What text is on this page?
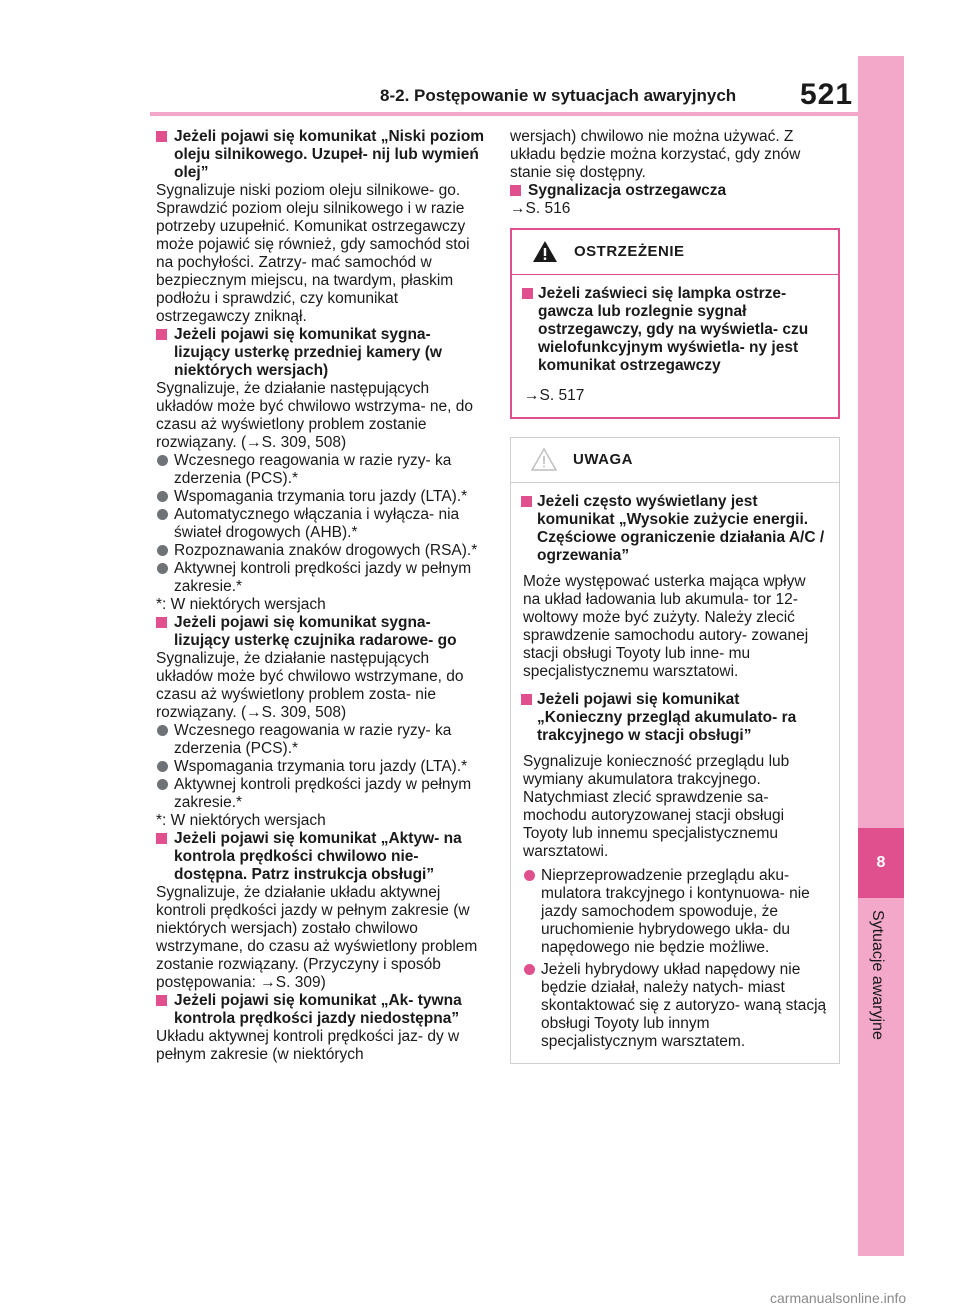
8-2. Postępowanie w sytuacjach awaryjnych 521
8
Sytuacje awaryjne
Jeżeli pojawi się komunikat „Niski poziom oleju silnikowego. Uzupeł- nij lub wymień olej”

Sygnalizuje niski poziom oleju silnikowe- go. Sprawdzić poziom oleju silnikowego i w razie potrzeby uzupełnić. Komunikat ostrzegawczy może pojawić się również, gdy samochód stoi na pochyłości. Zatrzy- mać samochód w bezpiecznym miejscu, na twardym, płaskim podłożu i sprawdzić, czy komunikat ostrzegawczy zniknął.

Jeżeli pojawi się komunikat sygna- lizujący usterkę przedniej kamery (w niektórych wersjach)

Sygnalizuje, że działanie następujących układów może być chwilowo wstrzyma- ne, do czasu aż wyświetlony problem zostanie rozwiązany. (→S. 309, 508)

Wczesnego reagowania w razie ryzy- ka zderzenia (PCS).*
Wspomagania trzymania toru jazdy (LTA).*
Automatycznego włączania i wyłącza- nia świateł drogowych (AHB).*
Rozpoznawania znaków drogowych (RSA).*
Aktywnej kontroli prędkości jazdy w pełnym zakresie.*
*: W niektórych wersjach
Jeżeli pojawi się komunikat sygna- lizujący usterkę czujnika radarowe- go

Sygnalizuje, że działanie następujących układów może być chwilowo wstrzymane, do czasu aż wyświetlony problem zosta- nie rozwiązany. (→S. 309, 508)

Wczesnego reagowania w razie ryzy- ka zderzenia (PCS).*
Wspomagania trzymania toru jazdy (LTA).*
Aktywnej kontroli prędkości jazdy w pełnym zakresie.*
*: W niektórych wersjach
Jeżeli pojawi się komunikat „Aktyw- na kontrola prędkości chwilowo nie- dostępna. Patrz instrukcja obsługi”

Sygnalizuje, że działanie układu aktywnej kontroli prędkości jazdy w pełnym zakresie (w niektórych wersjach) zostało chwilowo wstrzymane, do czasu aż wyświetlony problem zostanie rozwiązany. (Przyczyny i sposób postępowania: →S. 309)

Jeżeli pojawi się komunikat „Ak- tywna kontrola prędkości jazdy niedostępna”

Układu aktywnej kontroli prędkości jaz- dy w pełnym zakresie (w niektórych

wersjach) chwilowo nie można używać. Z układu będzie można korzystać, gdy znów stanie się dostępny.

Sygnalizacja ostrzegawcza
→S. 516
OSTRZEŻENIE
Jeżeli zaświeci się lampka ostrze- gawcza lub rozlegnie sygnał ostrzegawczy, gdy na wyświetla- czu wielofunkcyjnym wyświetla- ny jest komunikat ostrzegawczy
→S. 517
UWAGA
Jeżeli często wyświetlany jest komunikat „Wysokie zużycie energii. Częściowe ograniczenie działania A/C / ogrzewania”

Może występować usterka mająca wpływ na układ ładowania lub akumula- tor 12-woltowy może być zużyty. Należy zlecić sprawdzenie samochodu autory- zowanej stacji obsługi Toyoty lub inne- mu specjalistycznemu warsztatowi.

Jeżeli pojawi się komunikat „Konieczny przegląd akumulato- ra trakcyjnego w stacji obsługi”

Sygnalizuje konieczność przeglądu lub wymiany akumulatora trakcyjnego. Natychmiast zlecić sprawdzenie sa- mochodu autoryzowanej stacji obsługi Toyoty lub innemu specjalistycznemu warsztatowi.

Nieprzeprowadzenie przeglądu aku- mulatora trakcyjnego i kontynuowa- nie jazdy samochodem spowoduje, że uruchomienie hybrydowego ukła- du napędowego nie będzie możliwe.
Jeżeli hybrydowy układ napędowy nie będzie działał, należy natych- miast skontaktować się z autoryzo- waną stacją obsługi Toyoty lub innym specjalistycznym warsztatem.
carmanualsonline.info
